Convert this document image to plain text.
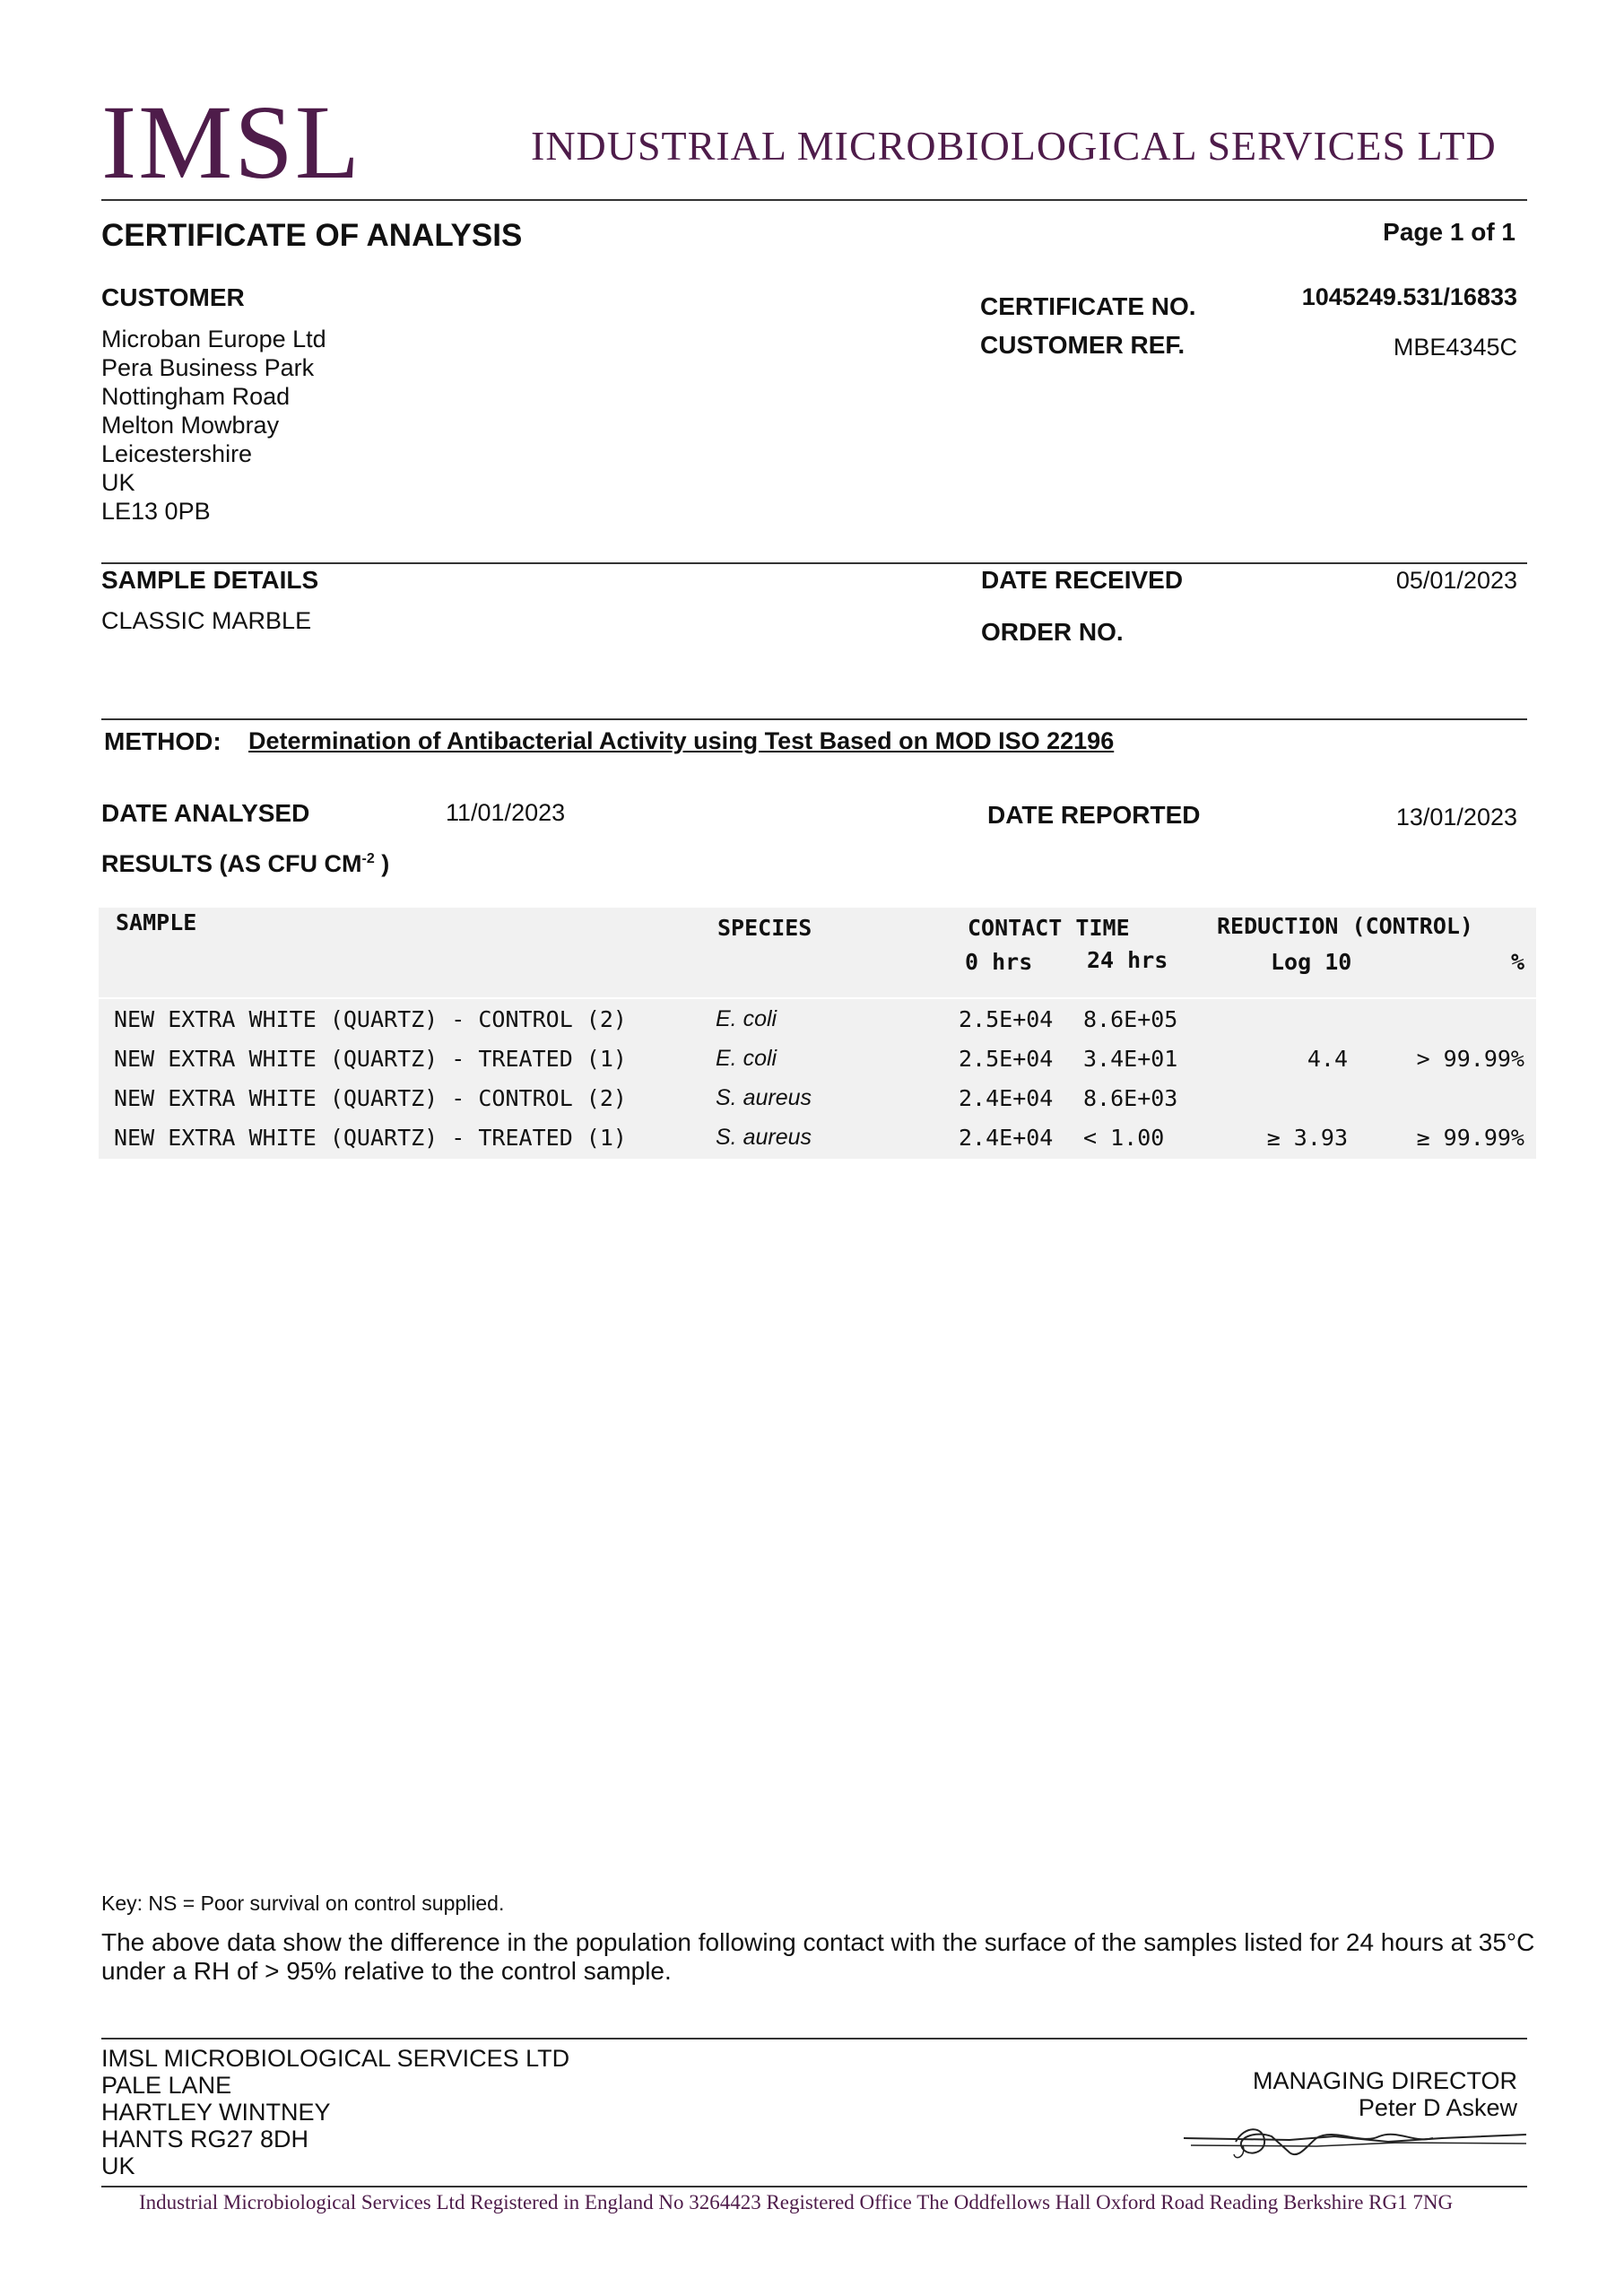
IMSL	INDUSTRIAL MICROBIOLOGICAL SERVICES LTD
CERTIFICATE OF ANALYSIS	Page 1 of 1
CUSTOMER
Microban Europe Ltd
Pera Business Park
Nottingham Road
Melton Mowbray
Leicestershire
UK
LE13 0PB
CERTIFICATE NO.	1045249.531/16833
CUSTOMER REF.	MBE4345C
SAMPLE DETAILS
CLASSIC MARBLE
DATE RECEIVED	05/01/2023
ORDER NO.
METHOD: Determination of Antibacterial Activity using Test Based on MOD ISO 22196
DATE ANALYSED	11/01/2023	DATE REPORTED	13/01/2023
RESULTS (AS CFU $CM^{-2}$ )
SAMPLE	SPECIES	CONTACT TIME
0 hrs 24 hrs
REDUCTION (CONTROL)
Log 10	%
NEW EXTRA WHITE (QUARTZ) - CONTROL (2)	E. coli	2.5E+04 8.6E+05
NEW EXTRA WHITE (QUARTZ) - TREATED (1)	E. coli	2.5E+04 3.4E+01	4.4	> 99.99%
NEW EXTRA WHITE (QUARTZ) - CONTROL (2)	S. aureus	2.4E+04 8.6E+03
NEW EXTRA WHITE (QUARTZ) - TREATED (1)	S. aureus	2.4E+04 < 1.00	≥ 3.93	≥ 99.99%
Key: NS = Poor survival on control supplied.
The above data show the difference in the population following contact with the surface of the samples listed for 24 hours at 35°C
under a RH of > 95% relative to the control sample.
IMSL MICROBIOLOGICAL SERVICES LTD
PALE LANE
HARTLEY WINTNEY
HANTS RG27 8DH
UK
MANAGING DIRECTOR
Peter D Askew
Industrial Microbiological Services Ltd Registered in England No 3264423 Registered Office The Oddfellows Hall Oxford Road Reading Berkshire RG1 7NG
